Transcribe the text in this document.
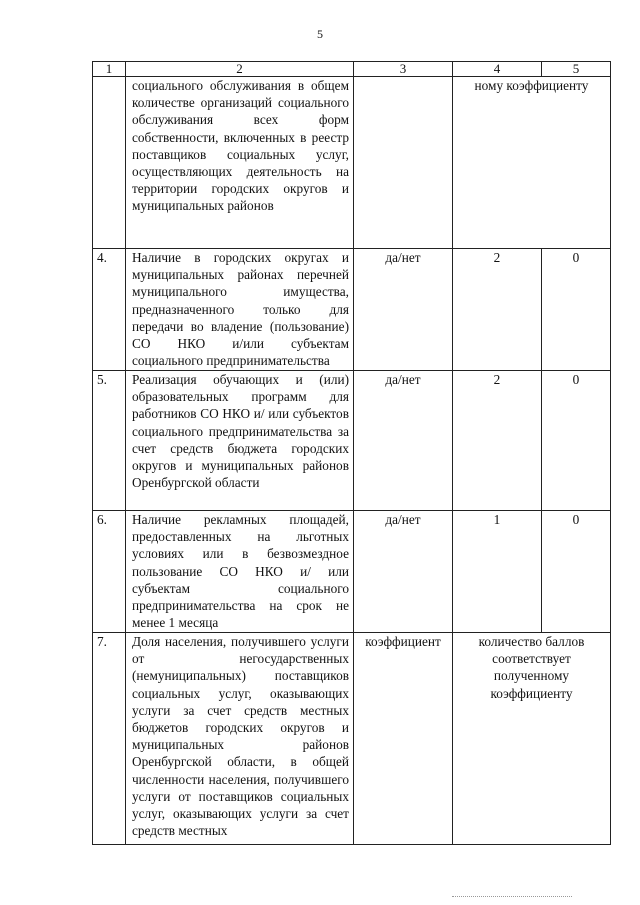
5
1	2	3	4	5
	социального обслуживания в общем количестве организаций социального обслуживания всех форм собственности, включенных в реестр поставщиков социальных услуг, осуществляющих деятельность на территории городских округов и муниципальных районов		ному коэффициенту	
4.	Наличие в городских округах и муниципальных районах перечней муниципального имущества, предназначенного только для передачи во владение (пользование) СО НКО и/или субъектам социального предпринимательства	да/нет	2	0
5.	Реализация обучающих и (или) образовательных программ для работников СО НКО и/ или субъектов социального предпринимательства за счет средств бюджета городских округов и муниципальных районов Оренбургской области	да/нет	2	0
6.	Наличие рекламных площадей, предоставленных на льготных условиях или в безвозмездное пользование СО НКО и/ или субъектам социального предпринимательства на срок не менее 1 месяца	да/нет	1	0
7.	Доля населения, получившего услуги от негосударственных (немуниципальных) поставщиков социальных услуг, оказывающих услуги за счет средств местных бюджетов городских округов и муниципальных районов Оренбургской области, в общей численности населения, получившего услуги от поставщиков социальных услуг, оказывающих услуги за счет средств местных	коэффициент	количество баллов соответствует полученному коэффициенту	
